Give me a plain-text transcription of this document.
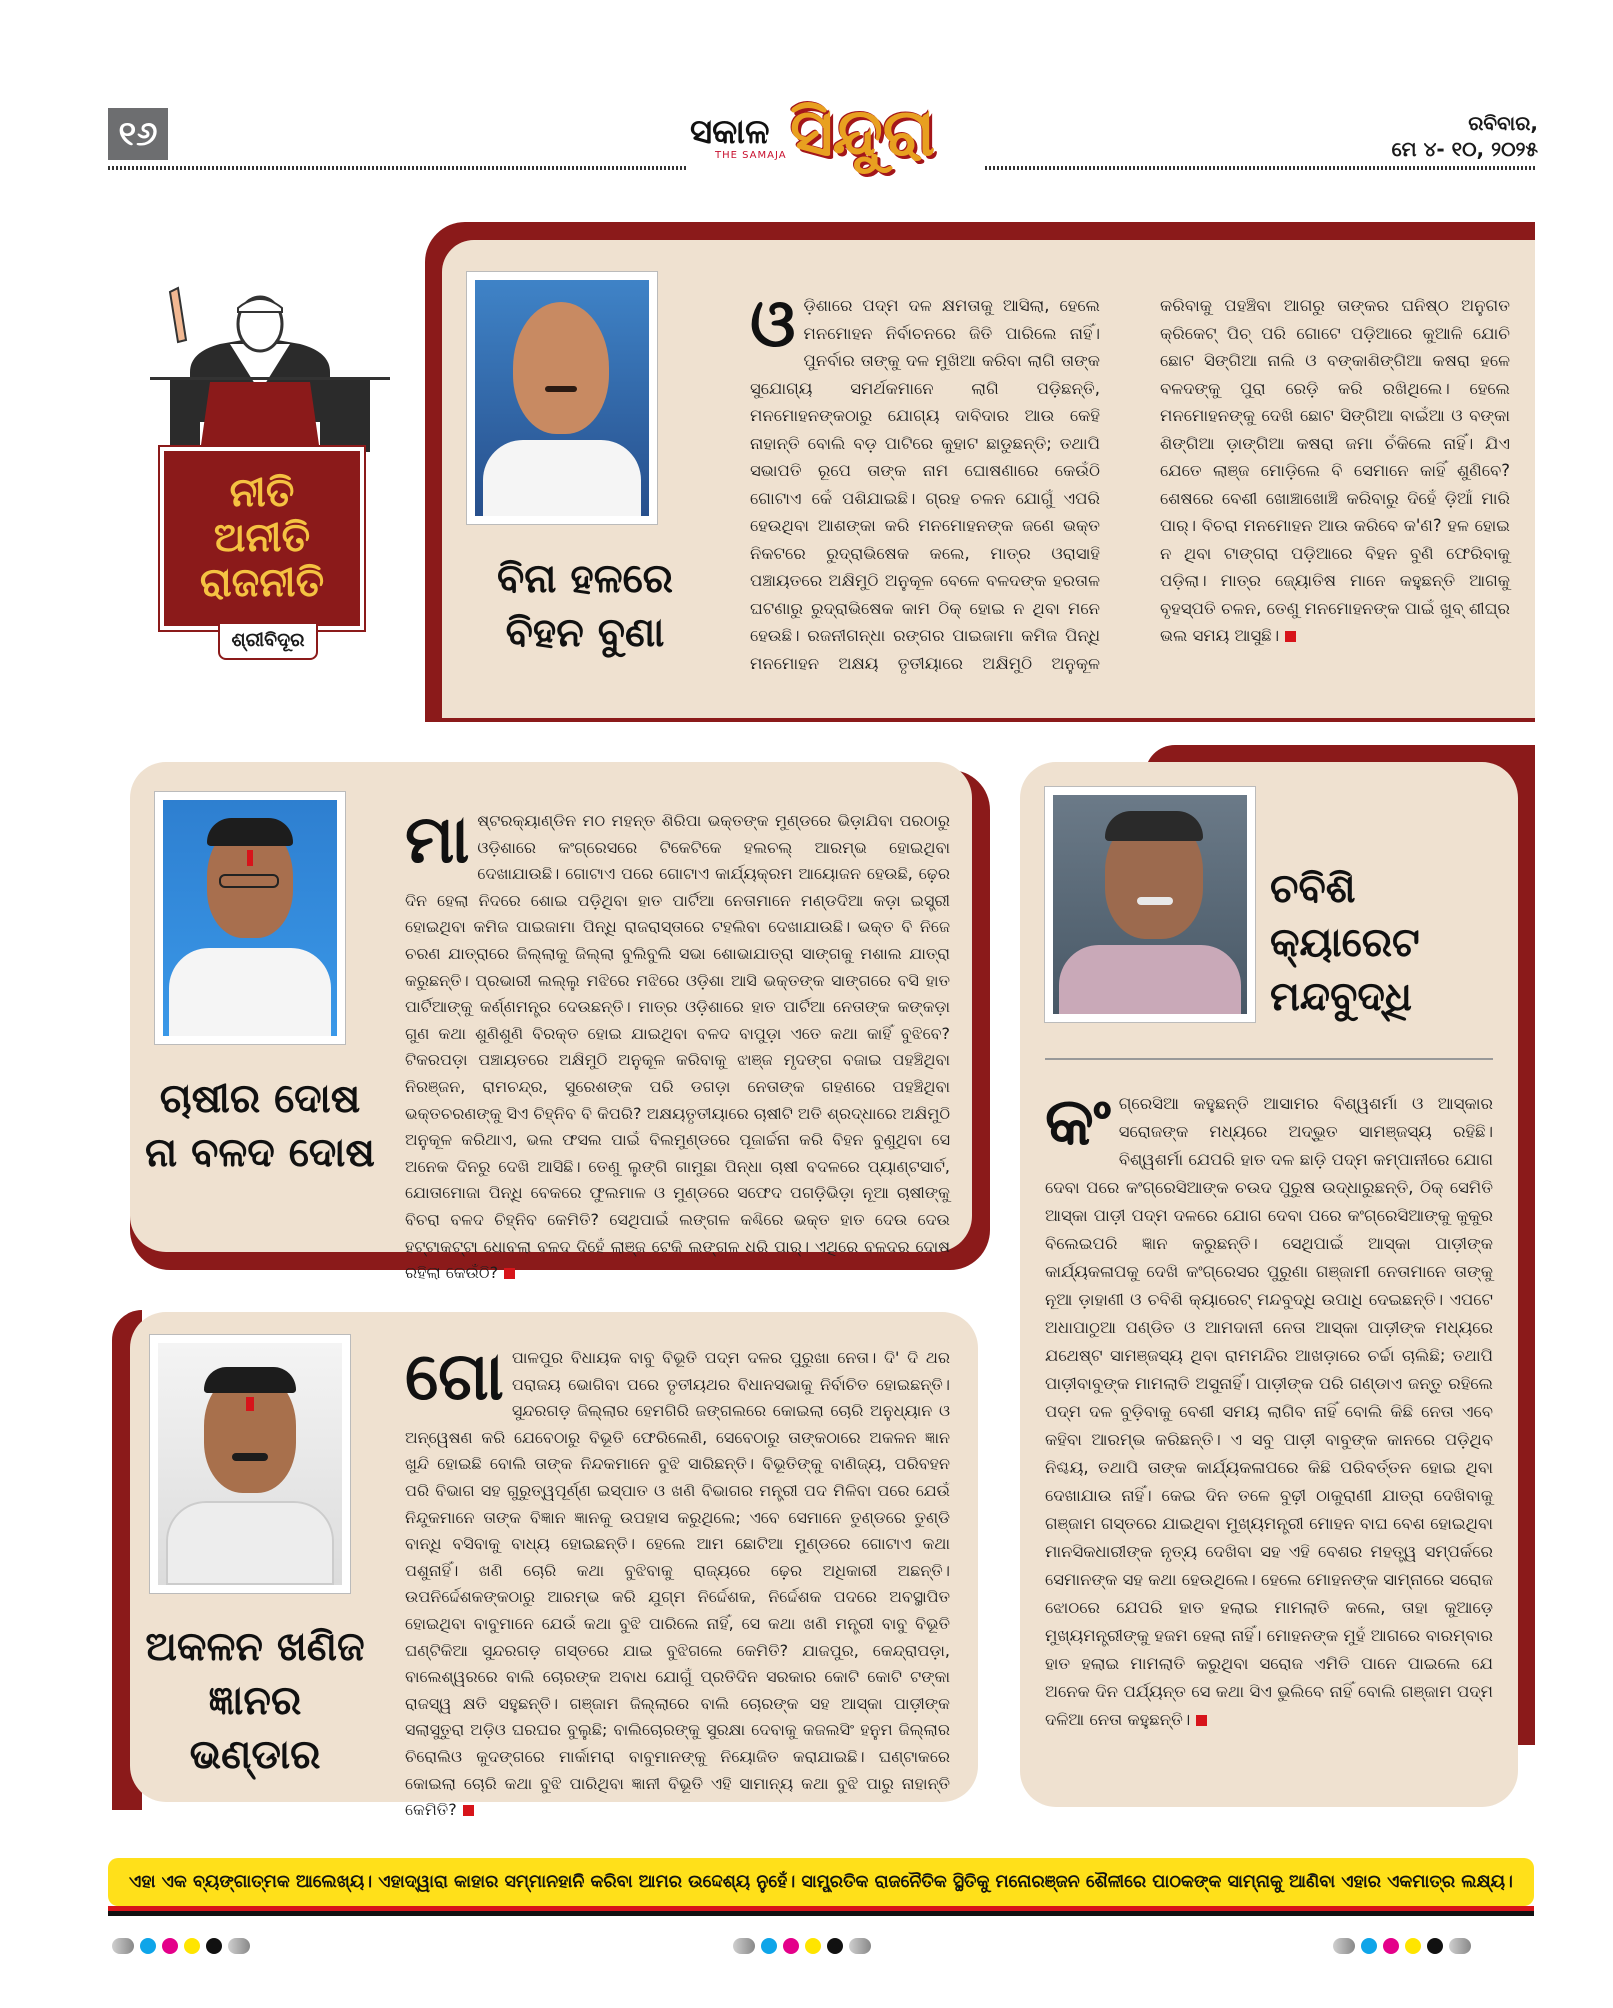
୧୬	ସକାଳ
THE SAMAJA ସିନ୍ଦୁରା	ରବିବାର,
ମେ ୪- ୧୦, ୨୦୨୫
ନୀତି
ଅନୀତି
ରାଜନୀତି
ଶ୍ରୀବିଦୂର
ବିନା ହଳରେ
ବିହନ ବୁଣା
ଓ ଡ଼ିଶାରେ ପଦ୍ମ ଦଳ କ୍ଷମତାକୁ ଆସିଲା, ହେଲେ ମନମୋହନ ନିର୍ବାଚନରେ ଜିତି ପାରିଲେ ନାହିଁ। ପୁନର୍ବାର ତାଙ୍କୁ ଦଳ ମୁଖିଆ କରିବା ଲାଗି ତାଙ୍କ ସୁଯୋଗ୍ୟ ସମର୍ଥକମାନେ ଲାଗି ପଡ଼ିଛନ୍ତି, ମନମୋହନଙ୍କଠାରୁ ଯୋଗ୍ୟ ଦାବିଦାର ଆଉ କେହି ନାହାନ୍ତି ବୋଲି ବଡ଼ ପାଟିରେ କୁହାଟ ଛାଡୁଛନ୍ତି; ତଥାପି ସଭାପତି ରୂପେ ତାଙ୍କ ନାମ ଘୋଷଣାରେ କେଉଁଠି ଗୋଟାଏ କେଁ ପଶିଯାଇଛି। ଗ୍ରହ ଚଳନ ଯୋଗୁଁ ଏପରି ହେଉଥିବା ଆଶଙ୍କା କରି ମନମୋହନଙ୍କ ଜଣେ ଭକ୍ତ ନିକଟରେ ରୁଦ୍ରାଭିଷେକ କଲେ, ମାତ୍ର ଓରାସାହି ପଞ୍ଚାୟତରେ ଅକ୍ଷିମୁଠି ଅନୁକୂଳ ବେଳେ ବଳଦଙ୍କ ହରତାଳ ଘଟଣାରୁ ରୁଦ୍ରାଭିଷେକ କାମ ଠିକ୍‌ ହୋଇ ନ ଥିବା ମନେ ହେଉଛି। ରଜନୀଗନ୍ଧା ରଙ୍ଗର ପାଇଜାମା କମିଜ ପିନ୍ଧି ମନମୋହନ ଅକ୍ଷୟ ତୃତୀୟାରେ ଅକ୍ଷିମୁଠି ଅନୁକୂଳ କରିବାକୁ ପହଞ୍ଚିବା ଆଗରୁ ତାଙ୍କର ଘନିଷ୍ଠ ଅନୁଗତ କ୍ରିକେଟ୍‌ ପିଚ୍‌ ପରି ଗୋଟେ ପଡ଼ିଆରେ କୁଆଳି ଯୋଚି ଛୋଟ ସିଙ୍ଗିଆ ନାଲି ଓ ବଙ୍କାଶିଙ୍ଗିଆ କଷରା ହଳେ ବଳଦଙ୍କୁ ପୁରା ରେଡ଼ି କରି ରଖିଥିଲେ। ହେଲେ ମନମୋହନଙ୍କୁ ଦେଖି ଛୋଟ ସିଙ୍ଗିଆ ବାଇଁଆ ଓ ବଙ୍କା ଶିଙ୍ଗିଆ ଡ଼ାଙ୍ଗିଆ କଷରା ଜମା ଚଁକିଲେ ନାହିଁ। ଯିଏ ଯେତେ ଲାଞ୍ଜ ମୋଡ଼ିଲେ ବି ସେମାନେ କାହିଁ ଶୁଣିବେ? ଶେଷରେ ବେଶୀ ଖୋଞ୍ଚାଖୋଞ୍ଚି କରିବାରୁ ଦିହେଁ ଡ଼ିଆଁ ମାରି ପାର୍‌। ବିଚରା ମନମୋହନ ଆଉ କରିବେ କ'ଣ? ହଳ ହୋଇ ନ ଥିବା ଟାଙ୍ଗରା ପଡ଼ିଆରେ ବିହନ ବୁଣି ଫେରିବାକୁ ପଡ଼ିଲା। ମାତ୍ର ଜ୍ୟୋତିଷ ମାନେ କହୁଛନ୍ତି ଆଗକୁ ବୃହସ୍ପତି ଚଳନ, ତେଣୁ ମନମୋହନଙ୍କ ପାଇଁ ଖୁବ୍‌ ଶୀଘ୍ର ଭଲ ସମୟ ଆସୁଛି।
ଚାଷୀର ଦୋଷ
ନା ବଳଦ ଦୋଷ
ମା ଷ୍ଟରକ୍ୟାଣ୍ଡିନ ମଠ ମହନ୍ତ ଶିରିପା ଭକ୍ତଙ୍କ ମୁଣ୍ଡରେ ଭିଡ଼ାଯିବା ପରଠାରୁ ଓଡ଼ିଶାରେ କଂଗ୍ରେସରେ ଟିକେଟିକେ ହଲଚଲ୍‌ ଆରମ୍ଭ ହୋଇଥିବା ଦେଖାଯାଉଛି। ଗୋଟାଏ ପରେ ଗୋଟାଏ କାର୍ଯ୍ୟକ୍ରମ ଆୟୋଜନ ହେଉଛି, ଢ଼େର ଦିନ ହେଲା ନିଦରେ ଶୋଇ ପଡ଼ିଥିବା ହାତ ପାର୍ଟିଆ ନେତାମାନେ ମଣ୍ଡଦିଆ କଡ଼ା ଇସ୍ତ୍ରୀ ହୋଇଥିବା କମିଜ ପାଇଜାମା ପିନ୍ଧି ରାଜରାସ୍ତାରେ ଟହଲିବା ଦେଖାଯାଉଛି। ଭକ୍ତ ବି ନିଜେ ଚରଣ ଯାତ୍ରାରେ ଜିଲ୍ଲାକୁ ଜିଲ୍ଲା ବୁଲିବୁଲି ସଭା ଶୋଭାଯାତ୍ରା ସାଙ୍ଗକୁ ମଶାଲ ଯାତ୍ରା କରୁଛନ୍ତି। ପ୍ରଭାରୀ ଲଲ୍ଲୁ ମଝିରେ ମଝିରେ ଓଡ଼ିଶା ଆସି ଭକ୍ତଙ୍କ ସାଙ୍ଗରେ ବସି ହାତ ପାର୍ଟିଆଙ୍କୁ କର୍ଣ୍ଣମନ୍ତ୍ର ଦେଉଛନ୍ତି। ମାତ୍ର ଓଡ଼ିଶାରେ ହାତ ପାର୍ଟିଆ ନେତାଙ୍କ କଙ୍କଡ଼ା ଗୁଣ କଥା ଶୁଣିଶୁଣି ବିରକ୍ତ ହୋଇ ଯାଇଥିବା ବଳଦ ବାପୁଡ଼ା ଏତେ କଥା କାହିଁ ବୁଝିବେ? ଟିକରପଡ଼ା ପଞ୍ଚାୟତରେ ଅକ୍ଷିମୁଠି ଅନୁକୂଳ କରିବାକୁ ଝାଞ୍ଜ ମୃଦଙ୍ଗ ବଜାଇ ପହଞ୍ଚିଥିବା ନିରଞ୍ଜନ, ରାମଚନ୍ଦ୍ର, ସୁରେଶଙ୍କ ପରି ଡଗଡ଼ା ନେତାଙ୍କ ଗହଣରେ ପହଞ୍ଚିଥିବା ଭକ୍ତଚରଣଙ୍କୁ ସିଏ ଚିହ୍ନିବ ବି କିପରି? ଅକ୍ଷୟତୃତୀୟାରେ ଚାଷୀଟି ଅତି ଶ୍ରଦ୍ଧାରେ ଅକ୍ଷିମୁଠି ଅନୁକୂଳ କରିଥାଏ, ଭଲ ଫସଲ ପାଇଁ ବିଲମୁଣ୍ଡରେ ପୂଜାର୍ଚ୍ଚନା କରି ବିହନ ବୁଣୁଥିବା ସେ ଅନେକ ଦିନରୁ ଦେଖି ଆସିଛି। ତେଣୁ ଲୁଙ୍ଗି ଗାମୁଛା ପିନ୍ଧା ଚାଷୀ ବଦଳରେ ପ୍ୟାଣ୍ଟସାର୍ଟ, ଯୋତାମୋଜା ପିନ୍ଧି ବେକରେ ଫୁଲମାଳ ଓ ମୁଣ୍ଡରେ ସଫେଦ ପଗଡ଼ିଭିଡ଼ା ନୂଆ ଚାଷୀଙ୍କୁ ବିଚରା ବଳଦ ଚିହ୍ନିବ କେମିତି? ସେଥିପାଇଁ ଲଙ୍ଗଳ କଣ୍ଢିରେ ଭକ୍ତ ହାତ ଦେଉ ଦେଉ ହଟ୍ଟାକଟ୍ଟା ଧୋବଲା ବଳଦ ଦିହେଁ ଲାଞ୍ଜ ଟେକି ଲଙ୍ଗଳ ଧରି ପାର୍‌। ଏଥିରେ ବଳଦର ଦୋଷ ରହିଲା କେଉଁଠି?
ଚବିଶି
କ୍ୟାରେଟ
ମନ୍ଦବୁଦ୍ଧି
କଂ ଗ୍ରେସିଆ କହୁଛନ୍ତି ଆସାମର ବିଶ୍ୱଶର୍ମା ଓ ଆସ୍କାର ସରୋଜଙ୍କ ମଧ୍ୟରେ ଅଦ୍ଭୁତ ସାମଞ୍ଜସ୍ୟ ରହିଛି। ବିଶ୍ୱଶର୍ମା ଯେପରି ହାତ ଦଳ ଛାଡ଼ି ପଦ୍ମ କମ୍ପାନୀରେ ଯୋଗ ଦେବା ପରେ କଂଗ୍ରେସିଆଙ୍କ ଚଉଦ ପୁରୁଷ ଉଦ୍ଧାରୁଛନ୍ତି, ଠିକ୍‌ ସେମିତି ଆସ୍କା ପାଡ଼ୀ ପଦ୍ମ ଦଳରେ ଯୋଗ ଦେବା ପରେ କଂଗ୍ରେସିଆଙ୍କୁ କୁକୁର ବିଲେଇପରି ଜ୍ଞାନ କରୁଛନ୍ତି। ସେଥିପାଇଁ ଆସ୍କା ପାଡ଼ୀଙ୍କ କାର୍ଯ୍ୟକଳାପକୁ ଦେଖି କଂଗ୍ରେସର ପୁରୁଣା ଗଞ୍ଜାମୀ ନେତାମାନେ ତାଙ୍କୁ ନୂଆ ଡ଼ାହାଣୀ ଓ ଚବିଶି କ୍ୟାରେଟ୍‌ ମନ୍ଦବୁଦ୍ଧି ଉପାଧି ଦେଇଛନ୍ତି। ଏପଟେ ଅଧାପାଠୁଆ ପଣ୍ଡିତ ଓ ଆମଦାନୀ ନେତା ଆସ୍କା ପାଡ଼ୀଙ୍କ ମଧ୍ୟରେ ଯଥେଷ୍ଟ ସାମଞ୍ଜସ୍ୟ ଥିବା ରାମମନ୍ଦିର ଆଖଡ଼ାରେ ଚର୍ଚ୍ଚା ଚାଲିଛି; ତଥାପି ପାଡ଼ୀବାବୁଙ୍କ ମାମଲାତି ଅସୁନାହିଁ। ପାଡ଼ୀଙ୍କ ପରି ଗଣ୍ଡାଏ ଜନ୍ତୁ ରହିଲେ ପଦ୍ମ ଦଳ ବୁଡ଼ିବାକୁ ବେଶୀ ସମୟ ଲାଗିବ ନାହିଁ ବୋଲି କିଛି ନେତା ଏବେ କହିବା ଆରମ୍ଭ କରିଛନ୍ତି। ଏ ସବୁ ପାଡ଼ୀ ବାବୁଙ୍କ କାନରେ ପଡ଼ିଥିବ ନିଶ୍ଚୟ, ତଥାପି ତାଙ୍କ କାର୍ଯ୍ୟକଳାପରେ କିଛି ପରିବର୍ତ୍ତନ ହୋଇ ଥିବା ଦେଖାଯାଉ ନାହିଁ। କେଇ ଦିନ ତଳେ ବୁଢ଼ୀ ଠାକୁରାଣୀ ଯାତ୍ରା ଦେଖିବାକୁ ଗଞ୍ଜାମ ଗସ୍ତରେ ଯାଇଥିବା ମୁଖ୍ୟମନ୍ତ୍ରୀ ମୋହନ ବାଘ ବେଶ ହୋଇଥିବା ମାନସିକଧାରୀଙ୍କ ନୃତ୍ୟ ଦେଖିବା ସହ ଏହି ବେଶର ମହତ୍ତ୍ୱ ସମ୍ପର୍କରେ ସେମାନଙ୍କ ସହ କଥା ହେଉଥିଲେ। ହେଲେ ମୋହନଙ୍କ ସାମ୍ନାରେ ସରୋଜ ଝୋଠରେ ଯେପରି ହାତ ହଲାଇ ମାମଲାତି କଲେ, ତାହା କୁଆଡ଼େ ମୁଖ୍ୟମନ୍ତ୍ରୀଙ୍କୁ ହଜମ ହେଲା ନାହିଁ। ମୋହନଙ୍କ ମୁହଁ ଆଗରେ ବାରମ୍ବାର ହାତ ହଲାଇ ମାମଲାତି କରୁଥିବା ସରୋଜ ଏମିତି ପାନେ ପାଇଲେ ଯେ ଅନେକ ଦିନ ପର୍ଯ୍ୟନ୍ତ ସେ କଥା ସିଏ ଭୁଲିବେ ନାହିଁ ବୋଲି ଗଞ୍ଜାମ ପଦ୍ମ ଦଳିଆ ନେତା କହୁଛନ୍ତି।
ଅକଳନ ଖଣିଜ
ଜ୍ଞାନର ଭଣ୍ଡାର
ଗୋ ପାଳପୁର ବିଧାୟକ ବାବୁ ବିଭୂତି ପଦ୍ମ ଦଳର ପୁରୁଖା ନେତା। ଦି' ଦି ଥର ପରାଜୟ ଭୋଗିବା ପରେ ତୃତୀୟଥର ବିଧାନସଭାକୁ ନିର୍ବାଚିତ ହୋଇଛନ୍ତି। ସୁନ୍ଦରଗଡ଼ ଜିଲ୍ଲାର ହେମଗିରି ଜଙ୍ଗଲରେ କୋଇଲା ଚୋରି ଅନୁଧ୍ୟାନ ଓ ଅନ୍ୱେଷଣ କରି ଯେବେଠାରୁ ବିଭୂତି ଫେରିଲେଣି, ସେବେଠାରୁ ତାଙ୍କଠାରେ ଅକଳନ ଜ୍ଞାନ ଖୁନ୍ଦି ହୋଇଛି ବୋଲି ତାଙ୍କ ନିନ୍ଦକମାନେ ବୁଝି ସାରିଛନ୍ତି। ବିଭୂତିଙ୍କୁ ବାଣିଜ୍ୟ, ପରିବହନ ପରି ବିଭାଗ ସହ ଗୁରୁତ୍ୱପୂର୍ଣ୍ଣ ଇସ୍ପାତ ଓ ଖଣି ବିଭାଗର ମନ୍ତ୍ରୀ ପଦ ମିଳିବା ପରେ ଯେଉଁ ନିନ୍ଦୁକମାନେ ତାଙ୍କ ବିଜ୍ଞାନ ଜ୍ଞାନକୁ ଉପହାସ କରୁଥିଲେ; ଏବେ ସେମାନେ ତୁଣ୍ଡରେ ତୁଣ୍ଡି ବାନ୍ଧି ବସିବାକୁ ବାଧ୍ୟ ହୋଇଛନ୍ତି। ହେଲେ ଆମ ଛୋଟିଆ ମୁଣ୍ଡରେ ଗୋଟାଏ କଥା ପଶୁନାହିଁ। ଖଣି ଚୋରି କଥା ବୁଝିବାକୁ ରାଜ୍ୟରେ ଢ଼େର ଅଧିକାରୀ ଅଛନ୍ତି। ଉପନିର୍ଦ୍ଦେଶକଙ୍କଠାରୁ ଆରମ୍ଭ କରି ଯୁଗ୍ମ ନିର୍ଦ୍ଦେଶକ, ନିର୍ଦ୍ଦେଶକ ପଦରେ ଅବସ୍ଥାପିତ ହୋଇଥିବା ବାବୁମାନେ ଯେଉଁ କଥା ବୁଝି ପାରିଲେ ନାହିଁ, ସେ କଥା ଖଣି ମନ୍ତ୍ରୀ ବାବୁ ବିଭୂତି ଘଣ୍ଟିକିଆ ସୁନ୍ଦରଗଡ଼ ଗସ୍ତରେ ଯାଇ ବୁଝିଗଲେ କେମିତି? ଯାଜପୁର, କେନ୍ଦ୍ରାପଡ଼ା, ବାଲେଶ୍ୱରରେ ବାଲି ଚୋରଙ୍କ ଅବାଧ ଯୋଗୁଁ ପ୍ରତିଦିନ ସରକାର କୋଟି କୋଟି ଟଙ୍କା ରାଜସ୍ୱ କ୍ଷତି ସହୁଛନ୍ତି। ଗଞ୍ଜାମ ଜିଲ୍ଲାରେ ବାଲି ଚୋରଙ୍କ ସହ ଆସ୍କା ପାଡ଼ୀଙ୍କ ସଲାସୁତୁରା ଅଡ଼ିଓ ଘରଘର ବୁଲୁଛି; ବାଲିଚୋରଙ୍କୁ ସୁରକ୍ଷା ଦେବାକୁ କଜଲସିଂ ହନୁମ ଜିଲ୍ଲାର ଚିରୋଲିଓ କୁଦଙ୍ଗରେ ମାର୍କାମରା ବାବୁମାନଙ୍କୁ ନିୟୋଜିତ କରାଯାଇଛି। ଘଣ୍ଟାକରେ କୋଇଲା ଚୋରି କଥା ବୁଝି ପାରିଥିବା ଜ୍ଞାନୀ ବିଭୂତି ଏହି ସାମାନ୍ୟ କଥା ବୁଝି ପାରୁ ନାହାନ୍ତି କେମିତି?
ଏହା ଏକ ବ୍ୟଙ୍ଗାତ୍ମକ ଆଲେଖ୍ୟ। ଏହାଦ୍ୱାରା କାହାର ସମ୍ମାନହାନି କରିବା ଆମର ଉଦ୍ଦେଶ୍ୟ ନୁହେଁ। ସାମ୍ପ୍ରତିକ ରାଜନୈତିକ ସ୍ଥିତିକୁ ମନୋରଞ୍ଜନ ଶୈଳୀରେ ପାଠକଙ୍କ ସାମ୍ନାକୁ ଆଣିବା ଏହାର ଏକମାତ୍ର ଲକ୍ଷ୍ୟ।
